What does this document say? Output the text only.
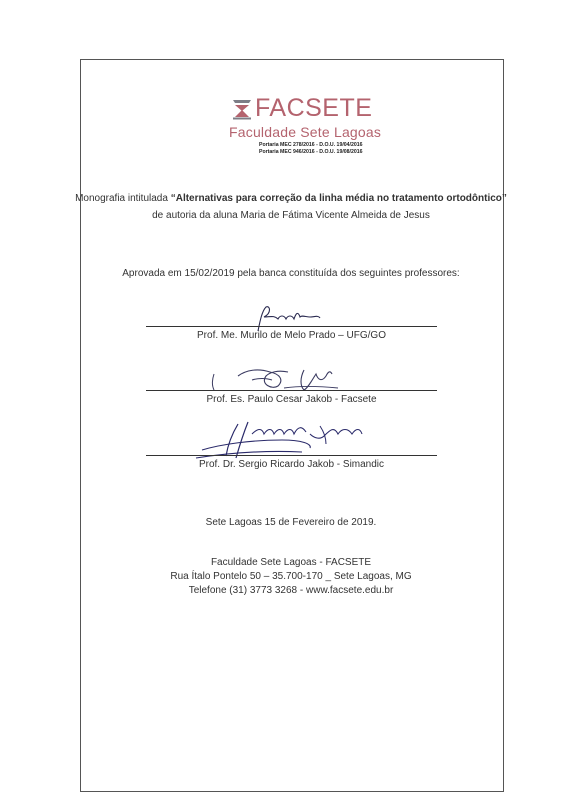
FACSETE
Faculdade Sete Lagoas
Portaria MEC 278/2016 - D.O.U. 19/04/2016
Portaria MEC 946/2016 - D.O.U. 19/08/2016
Monografia intitulada “Alternativas para correção da linha média no tratamento ortodôntico”
de autoria da aluna Maria de Fátima Vicente Almeida de Jesus
Aprovada em 15/02/2019 pela banca constituída dos seguintes professores:
Prof. Me. Murilo de Melo Prado – UFG/GO
Prof. Es. Paulo Cesar Jakob - Facsete
Prof. Dr. Sergio Ricardo Jakob - Simandic
Sete Lagoas 15 de Fevereiro de 2019.
Faculdade Sete Lagoas - FACSETE
Rua Ítalo Pontelo 50 – 35.700-170 _ Sete Lagoas, MG
Telefone (31) 3773 3268 - www.facsete.edu.br
